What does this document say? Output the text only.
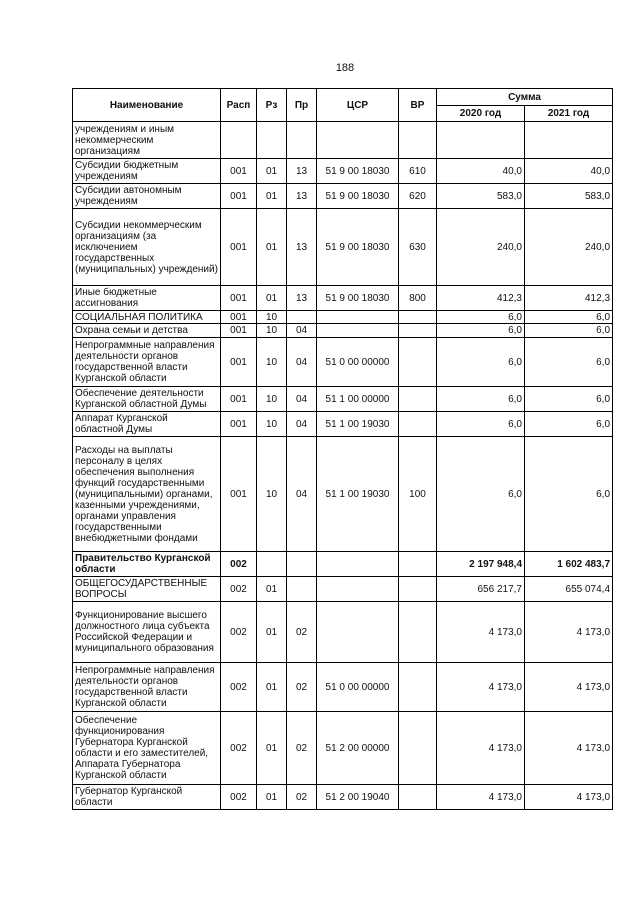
188
Наименование	Расп	Рз	Пр	ЦСР	ВР	Сумма	
						2020 год	2021 год
учреждениям и иным некоммерческим организациям							
Субсидии бюджетным учреждениям	001	01	13	51 9 00 18030	610	40,0	40,0
Субсидии автономным учреждениям	001	01	13	51 9 00 18030	620	583,0	583,0
Субсидии некоммерческим организациям (за исключением государственных (муниципальных) учреждений)	001	01	13	51 9 00 18030	630	240,0	240,0
Иные бюджетные ассигнования	001	01	13	51 9 00 18030	800	412,3	412,3
СОЦИАЛЬНАЯ ПОЛИТИКА	001	10				6,0	6,0
Охрана семьи и детства	001	10	04			6,0	6,0
Непрограммные направления деятельности органов государственной власти Курганской области	001	10	04	51 0 00 00000		6,0	6,0
Обеспечение деятельности Курганской областной Думы	001	10	04	51 1 00 00000		6,0	6,0
Аппарат Курганской областной Думы	001	10	04	51 1 00 19030		6,0	6,0
Расходы на выплаты персоналу в целях обеспечения выполнения функций государственными (муниципальными) органами, казенными учреждениями, органами управления государственными внебюджетными фондами	001	10	04	51 1 00 19030	100	6,0	6,0
Правительство Курганской области	002					2 197 948,4	1 602 483,7
ОБЩЕГОСУДАРСТВЕННЫЕ ВОПРОСЫ	002	01				656 217,7	655 074,4
Функционирование высшего должностного лица субъекта Российской Федерации и муниципального образования	002	01	02			4 173,0	4 173,0
Непрограммные направления деятельности органов государственной власти Курганской области	002	01	02	51 0 00 00000		4 173,0	4 173,0
Обеспечение функционирования Губернатора Курганской области и его заместителей, Аппарата Губернатора Курганской области	002	01	02	51 2 00 00000		4 173,0	4 173,0
Губернатор Курганской области	002	01	02	51 2 00 19040		4 173,0	4 173,0
